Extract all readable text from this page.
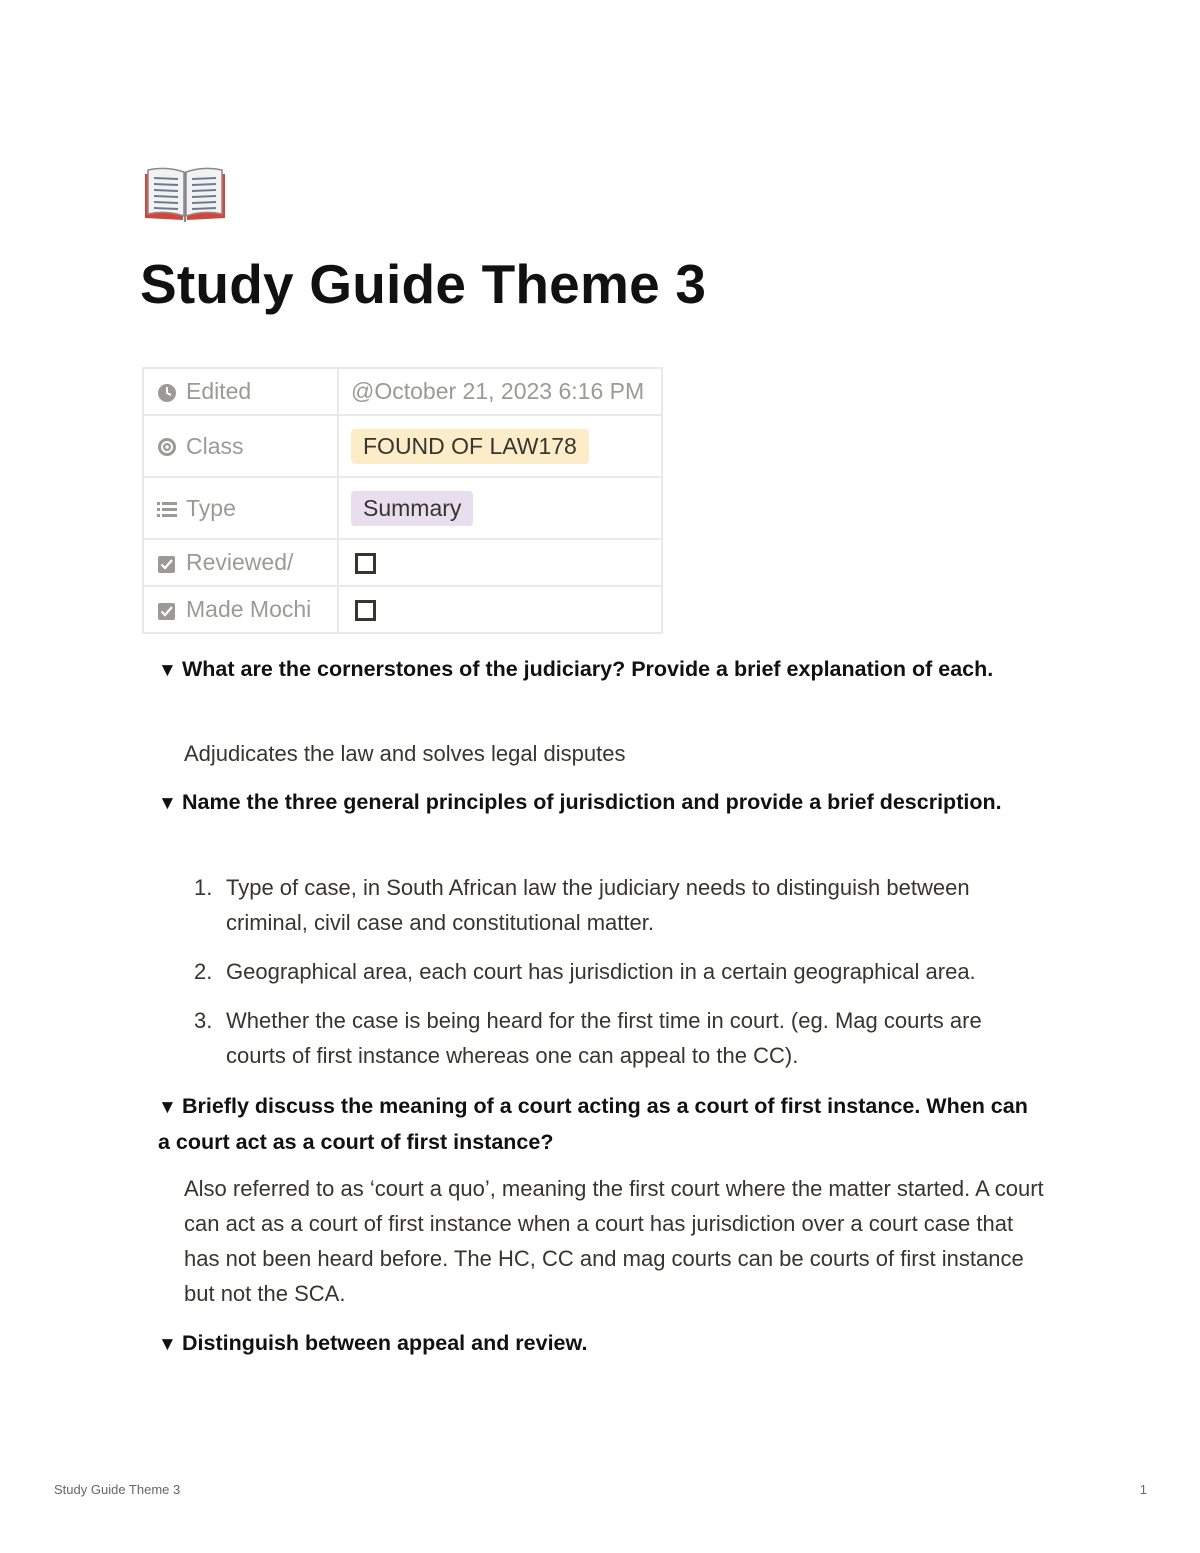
Study Guide Theme 3
Edited	@October 21, 2023 6:16 PM
Class	FOUND OF LAW178
Type	Summary
Reviewed/	
Made Mochi	

▼ What are the cornerstones of the judiciary? Provide a brief explanation of each.

Adjudicates the law and solves legal disputes

▼ Name the three general principles of jurisdiction and provide a brief description.

1. Type of case, in South African law the judiciary needs to distinguish between criminal, civil case and constitutional matter.
2. Geographical area, each court has jurisdiction in a certain geographical area.
3. Whether the case is being heard for the first time in court. (eg. Mag courts are courts of first instance whereas one can appeal to the CC).

▼ Briefly discuss the meaning of a court acting as a court of first instance. When can a court act as a court of first instance?

Also referred to as ‘court a quo’, meaning the first court where the matter started. A court can act as a court of first instance when a court has jurisdiction over a court case that has not been heard before. The HC, CC and mag courts can be courts of first instance but not the SCA.

▼ Distinguish between appeal and review.

Study Guide Theme 3	1
